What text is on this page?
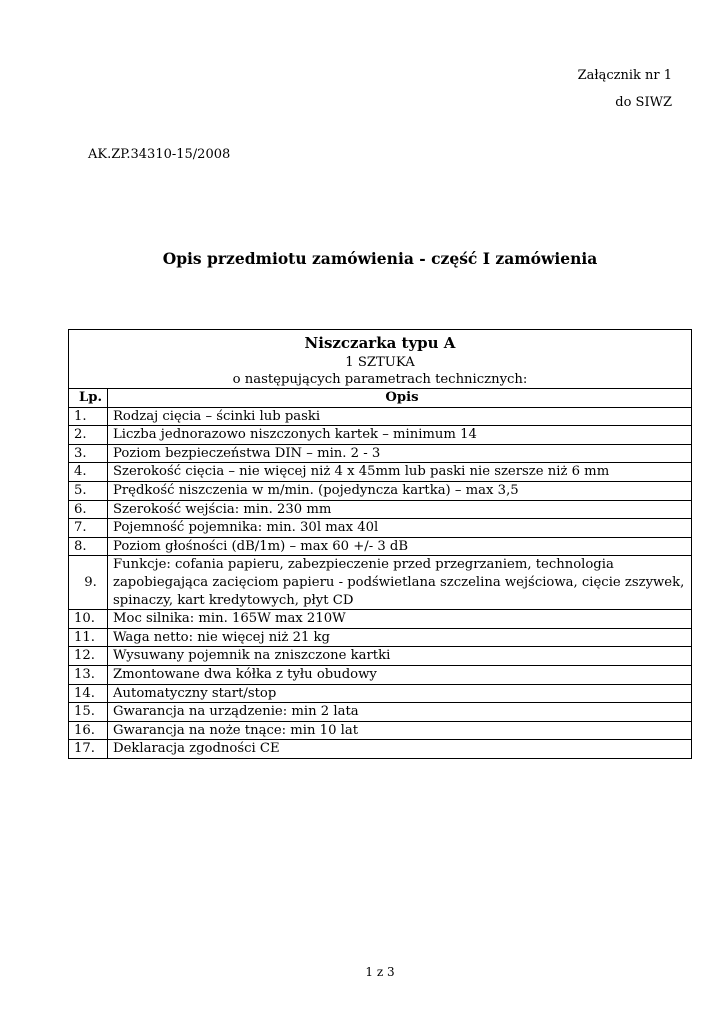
Załącznik nr 1
do SIWZ
AK.ZP.34310-15/2008
Opis przedmiotu zamówienia - część I zamówienia
Niszczarka typu A
1 SZTUKA
o następujących parametrach technicznych:	

Lp.	Opis
1.	Rodzaj cięcia – ścinki lub paski
2.	Liczba jednorazowo niszczonych kartek – minimum 14
3.	Poziom bezpieczeństwa DIN – min. 2 - 3
4.	Szerokość cięcia – nie więcej niż 4 x 45mm lub paski nie szersze niż 6 mm
5.	Prędkość niszczenia w m/min. (pojedyncza kartka) – max 3,5
6.	Szerokość wejścia: min. 230 mm
7.	Pojemność pojemnika: min. 30l max 40l
8.	Poziom głośności (dB/1m) – max 60 +/- 3 dB
9.	Funkcje: cofania papieru, zabezpieczenie przed przegrzaniem, technologia zapobiegająca zacięciom papieru - podświetlana szczelina wejściowa, cięcie zszywek, spinaczy, kart kredytowych, płyt CD
10.	Moc silnika: min. 165W max 210W
11.	Waga netto: nie więcej niż 21 kg
12.	Wysuwany pojemnik na zniszczone kartki
13.	Zmontowane dwa kółka z tyłu obudowy
14.	Automatyczny start/stop
15.	Gwarancja na urządzenie: min 2 lata
16.	Gwarancja na noże tnące: min 10 lat
17.	Deklaracja zgodności CE
1 z 3
